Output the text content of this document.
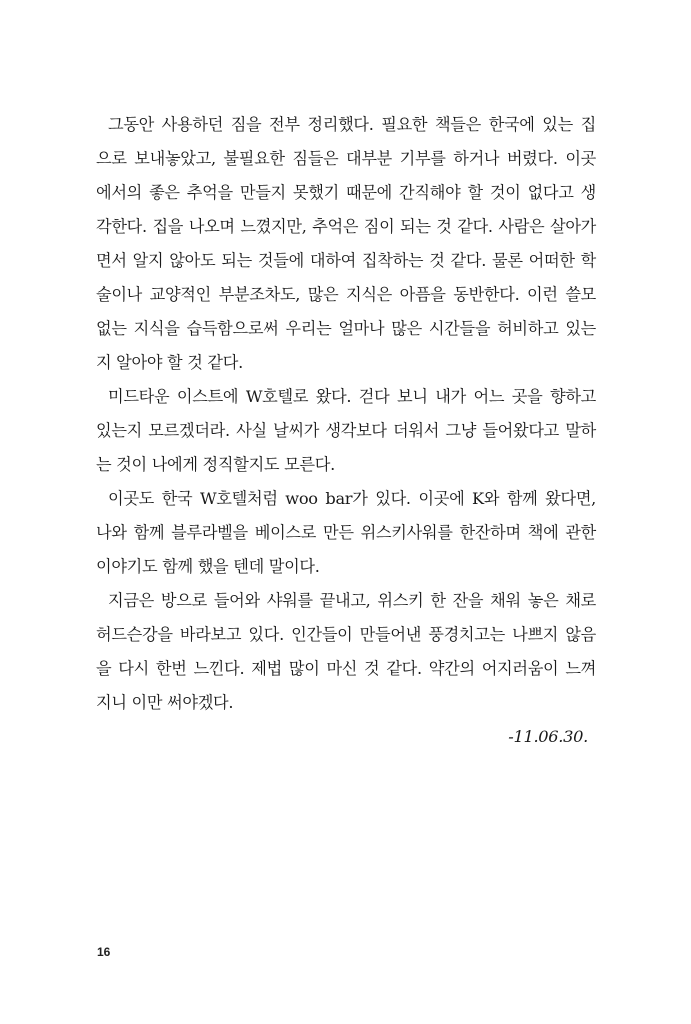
그동안 사용하던 짐을 전부 정리했다. 필요한 책들은 한국에 있는 집
으로 보내놓았고, 불필요한 짐들은 대부분 기부를 하거나 버렸다. 이곳
에서의 좋은 추억을 만들지 못했기 때문에 간직해야 할 것이 없다고 생
각한다. 집을 나오며 느꼈지만, 추억은 짐이 되는 것 같다. 사람은 살아가
면서 알지 않아도 되는 것들에 대하여 집착하는 것 같다. 물론 어떠한 학
술이나 교양적인 부분조차도, 많은 지식은 아픔을 동반한다. 이런 쓸모
없는 지식을 습득함으로써 우리는 얼마나 많은 시간들을 허비하고 있는
지 알아야 할 것 같다.
미드타운 이스트에 W호텔로 왔다. 걷다 보니 내가 어느 곳을 향하고
있는지 모르겠더라. 사실 날씨가 생각보다 더워서 그냥 들어왔다고 말하
는 것이 나에게 정직할지도 모른다.
이곳도 한국 W호텔처럼 woo bar가 있다. 이곳에 K와 함께 왔다면,
나와 함께 블루라벨을 베이스로 만든 위스키사워를 한잔하며 책에 관한
이야기도 함께 했을 텐데 말이다.
지금은 방으로 들어와 샤워를 끝내고, 위스키 한 잔을 채워 놓은 채로
허드슨강을 바라보고 있다. 인간들이 만들어낸 풍경치고는 나쁘지 않음
을 다시 한번 느낀다. 제법 많이 마신 것 같다. 약간의 어지러움이 느껴
지니 이만 써야겠다.
-11.06.30.
16
